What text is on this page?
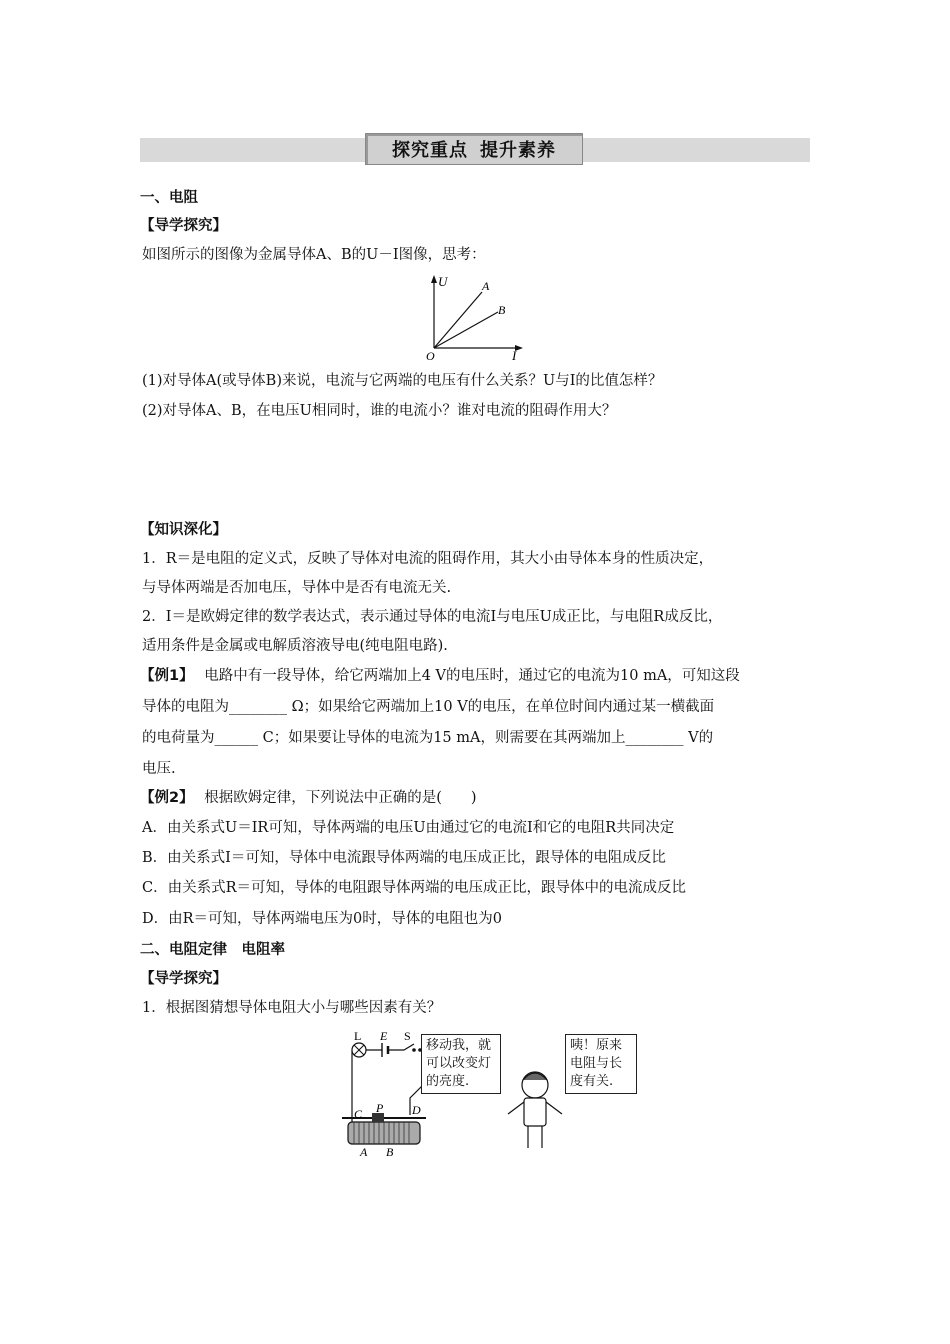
探究重点 提升素养
一、电阻
【导学探究】
如图所示的图像为金属导体A、B的U－I图像，思考：
U	A
B
O	I
(1)对导体A(或导体B)来说，电流与它两端的电压有什么关系？U与I的比值怎样？
(2)对导体A、B，在电压U相同时，谁的电流小？谁对电流的阻碍作用大？
【知识深化】
1．R＝是电阻的定义式，反映了导体对电流的阻碍作用，其大小由导体本身的性质决定，
与导体两端是否加电压，导体中是否有电流无关.
2．I＝是欧姆定律的数学表达式，表示通过导体的电流I与电压U成正比，与电阻R成反比，
适用条件是金属或电解质溶液导电(纯电阻电路).
【例1】 电路中有一段导体，给它两端加上4 V的电压时，通过它的电流为10 mA，可知这段
导体的电阻为________ Ω；如果给它两端加上10 V的电压，在单位时间内通过某一横截面
的电荷量为______ C；如果要让导体的电流为15 mA，则需要在其两端加上________ V的
电压.
【例2】 根据欧姆定律，下列说法中正确的是(　　)
A．由关系式U＝IR可知，导体两端的电压U由通过它的电流I和它的电阻R共同决定
B．由关系式I＝可知，导体中电流跟导体两端的电压成正比，跟导体的电阻成反比
C．由关系式R＝可知，导体的电阻跟导体两端的电压成正比，跟导体中的电流成反比
D．由R＝可知，导体两端电压为0时，导体的电阻也为0
二、电阻定律　电阻率
【导学探究】
1．根据图猜想导体电阻大小与哪些因素有关？
L E S
C P D
A B
移动我，就
可以改变灯
的亮度.
咦！原来
电阻与长
度有关.
